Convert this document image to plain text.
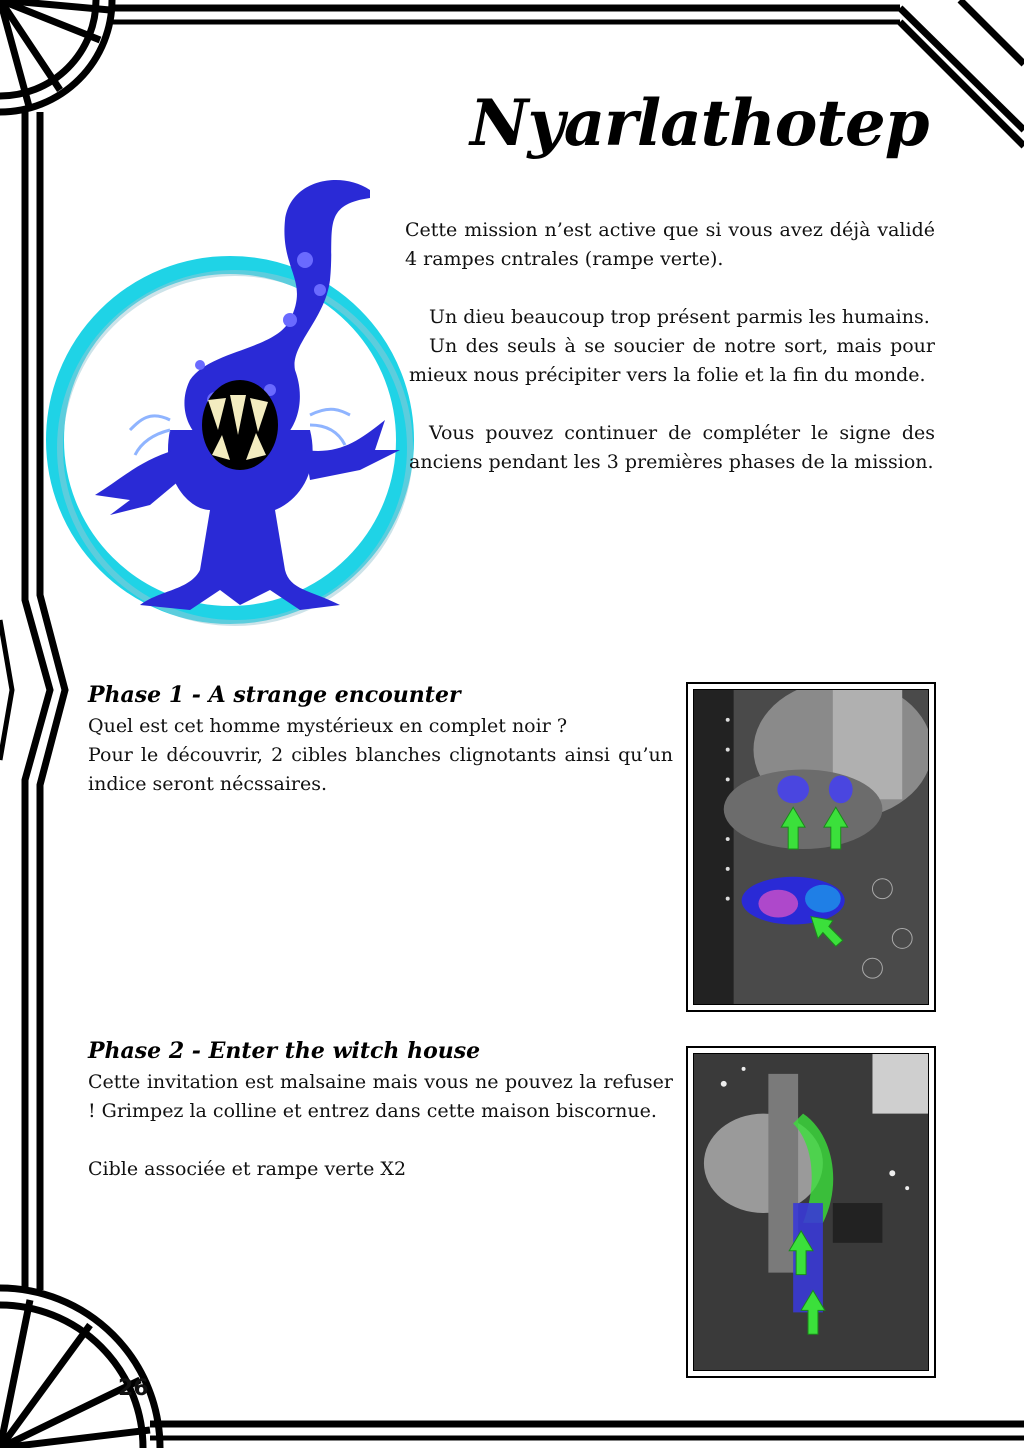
Nyarlathotep

Cette mission n’est active que si vous avez déjà validé 4 rampes cntrales (rampe verte).

Un dieu beaucoup trop présent parmis les humains.

Un des seuls à se soucier de notre sort, mais pour mieux nous précipiter vers la folie et la fin du monde.

Vous pouvez continuer de compléter le signe des anciens pendant les 3 premières phases de la mission.

Phase 1 - A strange encounter

Quel est cet homme mystérieux en complet noir ?

Pour le découvrir, 2 cibles blanches clignotants ainsi qu’un indice seront nécssaires.

Phase 2 - Enter the witch house

Cette invitation est malsaine mais vous ne pouvez la refuser ! Grimpez la colline et entrez dans cette maison biscornue.

Cible associée et rampe verte X2

26
